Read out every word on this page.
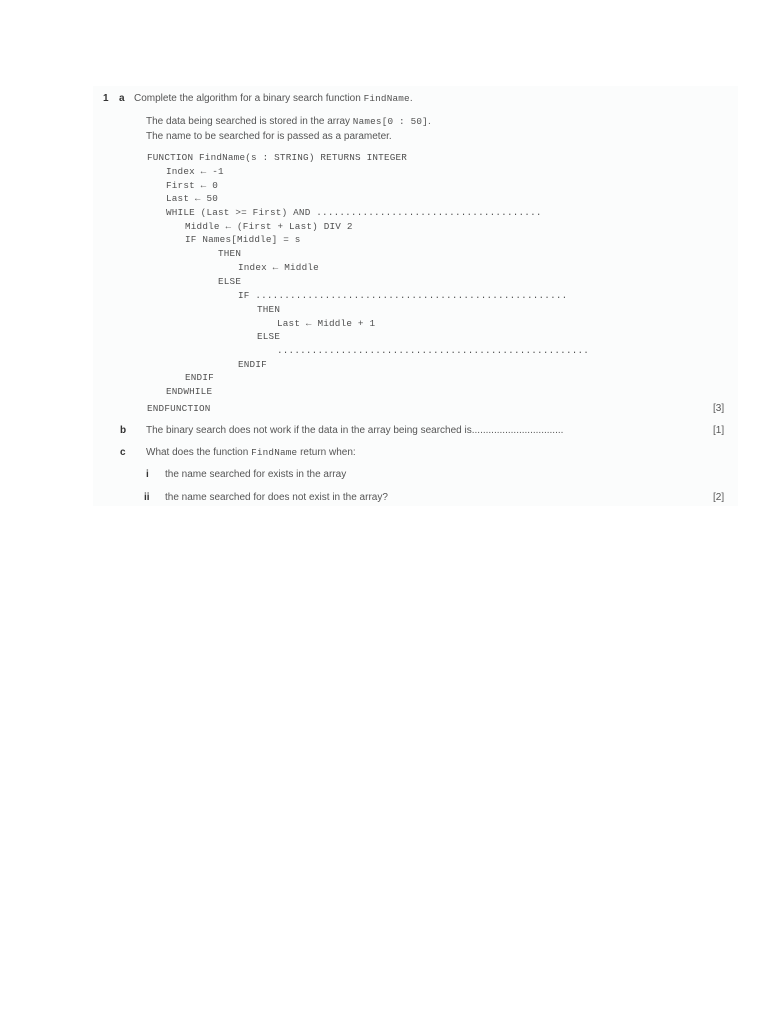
1 a Complete the algorithm for a binary search function FindName.
The data being searched is stored in the array Names[0 : 50].
The name to be searched for is passed as a parameter.
FUNCTION FindName(s : STRING) RETURNS INTEGER
Index ← -1
First ← 0
Last ← 50
WHILE (Last >= First) AND .......................................
Middle ← (First + Last) DIV 2
IF Names[Middle] = s
THEN
Index ← Middle
ELSE
IF ......................................................
THEN
Last ← Middle + 1
ELSE
......................................................
ENDIF
ENDIF
ENDWHILE
ENDFUNCTION	[3]
b The binary search does not work if the data in the array being searched is.................................	[1]
c What does the function FindName return when:
i the name searched for exists in the array
ii the name searched for does not exist in the array?	[2]
